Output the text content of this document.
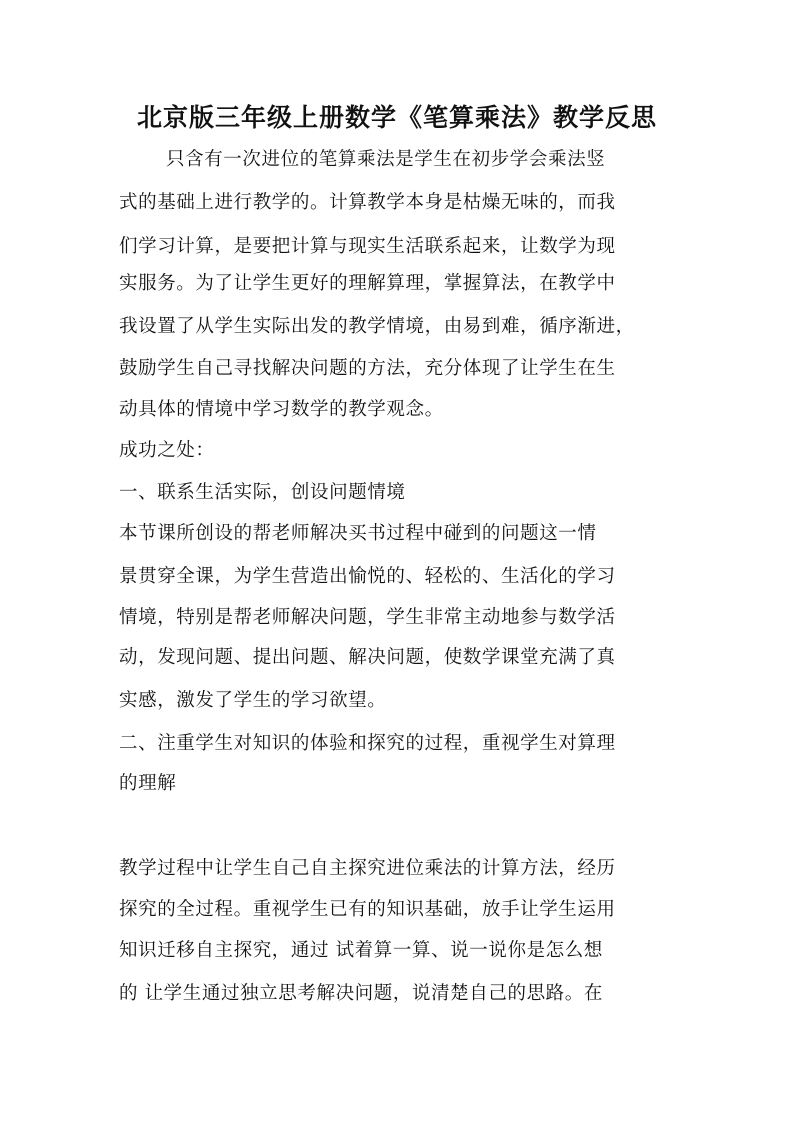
北京版三年级上册数学《笔算乘法》教学反思
只含有一次进位的笔算乘法是学生在初步学会乘法竖
式的基础上进行教学的。计算教学本身是枯燥无味的，而我
们学习计算，是要把计算与现实生活联系起来，让数学为现
实服务。为了让学生更好的理解算理，掌握算法，在教学中
我设置了从学生实际出发的教学情境，由易到难，循序渐进，
鼓励学生自己寻找解决问题的方法，充分体现了让学生在生
动具体的情境中学习数学的教学观念。
成功之处：
一、联系生活实际，创设问题情境
本节课所创设的帮老师解决买书过程中碰到的问题这一情
景贯穿全课，为学生营造出愉悦的、轻松的、生活化的学习
情境，特别是帮老师解决问题，学生非常主动地参与数学活
动，发现问题、提出问题、解决问题，使数学课堂充满了真
实感，激发了学生的学习欲望。
二、注重学生对知识的体验和探究的过程，重视学生对算理
的理解
教学过程中让学生自己自主探究进位乘法的计算方法，经历
探究的全过程。重视学生已有的知识基础，放手让学生运用
知识迁移自主探究，通过 试着算一算、说一说你是怎么想
的 让学生通过独立思考解决问题，说清楚自己的思路。在
